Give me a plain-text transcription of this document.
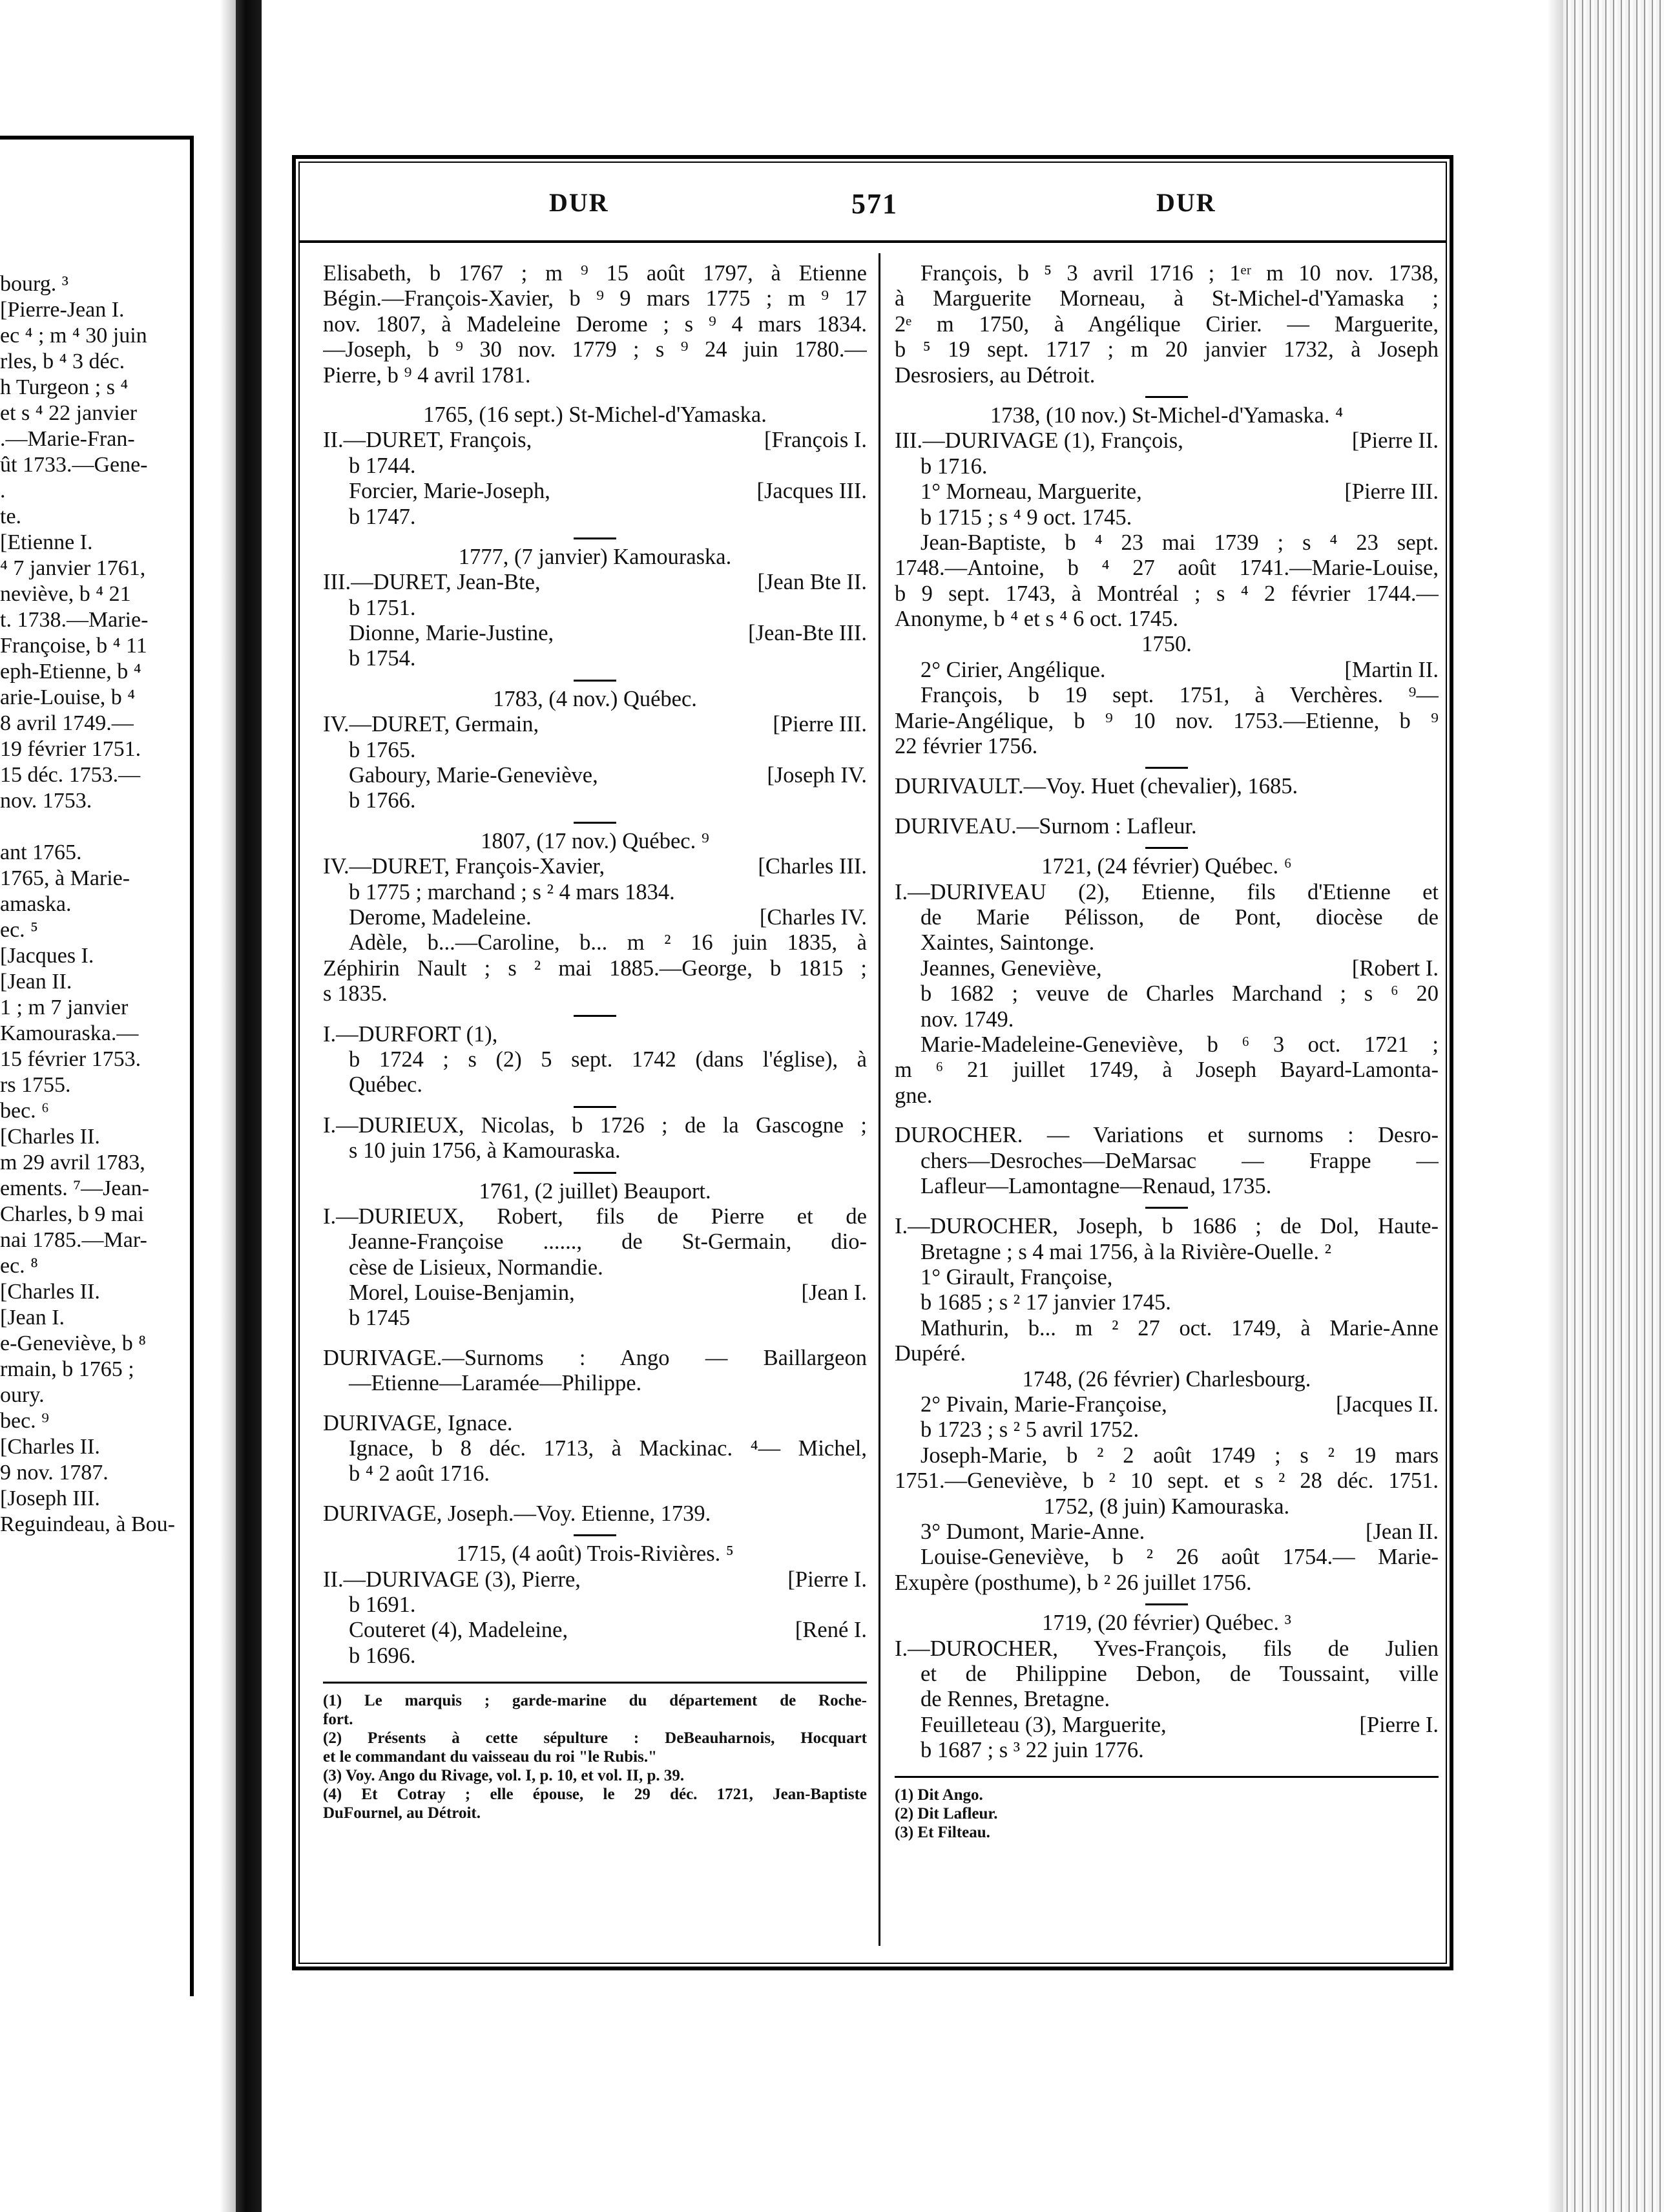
bourg. ³
[Pierre-Jean I.
ec ⁴ ; m ⁴ 30 juin
rles, b ⁴ 3 déc.
h Turgeon ; s ⁴
et s ⁴ 22 janvier
.—Marie-Fran-
ût 1733.—Gene-
.
te.
[Etienne I.
⁴ 7 janvier 1761,
neviève, b ⁴ 21
t. 1738.—Marie-
Françoise, b ⁴ 11
eph-Etienne, b ⁴
arie-Louise, b ⁴
8 avril 1749.—
19 février 1751.
15 déc. 1753.—
nov. 1753.
ant 1765.
1765, à Marie-
amaska.
ec. ⁵
[Jacques I.
[Jean II.
1 ; m 7 janvier
Kamouraska.—
15 février 1753.
rs 1755.
bec. ⁶
[Charles II.
m 29 avril 1783,
ements. ⁷—Jean-
Charles, b 9 mai
nai 1785.—Mar-
ec. ⁸
[Charles II.
[Jean I.
e-Geneviève, b ⁸
rmain, b 1765 ;
oury.
bec. ⁹
[Charles II.
9 nov. 1787.
[Joseph III.
Reguindeau, à Bou-
DUR	571	DUR
Elisabeth, b 1767 ; m ⁹ 15 août 1797, à Etienne
Bégin.—François-Xavier, b ⁹ 9 mars 1775 ; m ⁹ 17
nov. 1807, à Madeleine Derome ; s ⁹ 4 mars 1834.
—Joseph, b ⁹ 30 nov. 1779 ; s ⁹ 24 juin 1780.—
Pierre, b ⁹ 4 avril 1781.
1765, (16 sept.) St-Michel-d'Yamaska.
II.—DURET, François,	[François I.
b 1744.
Forcier, Marie-Joseph,	[Jacques III.
b 1747.
1777, (7 janvier) Kamouraska.
III.—DURET, Jean-Bte,	[Jean Bte II.
b 1751.
Dionne, Marie-Justine,	[Jean-Bte III.
b 1754.
1783, (4 nov.) Québec.
IV.—DURET, Germain,	[Pierre III.
b 1765.
Gaboury, Marie-Geneviève,	[Joseph IV.
b 1766.
1807, (17 nov.) Québec. ⁹
IV.—DURET, François-Xavier,	[Charles III.
b 1775 ; marchand ; s ² 4 mars 1834.
Derome, Madeleine.	[Charles IV.
Adèle, b...—Caroline, b... m ² 16 juin 1835, à
Zéphirin Nault ; s ² mai 1885.—George, b 1815 ;
s 1835.
I.—DURFORT (1),
b 1724 ; s (2) 5 sept. 1742 (dans l'église), à
Québec.
I.—DURIEUX, Nicolas, b 1726 ; de la Gascogne ;
s 10 juin 1756, à Kamouraska.
1761, (2 juillet) Beauport.
I.—DURIEUX, Robert, fils de Pierre et de
Jeanne-Françoise ......, de St-Germain, dio-
cèse de Lisieux, Normandie.
Morel, Louise-Benjamin,	[Jean I.
b 1745
DURIVAGE.—Surnoms : Ango — Baillargeon
—Etienne—Laramée—Philippe.
DURIVAGE, Ignace.
Ignace, b 8 déc. 1713, à Mackinac. ⁴— Michel,
b ⁴ 2 août 1716.
DURIVAGE, Joseph.—Voy. Etienne, 1739.
1715, (4 août) Trois-Rivières. ⁵
II.—DURIVAGE (3), Pierre,	[Pierre I.
b 1691.
Couteret (4), Madeleine,	[René I.
b 1696.
(1) Le marquis ; garde-marine du département de Roche-
fort.
(2) Présents à cette sépulture : DeBeauharnois, Hocquart
et le commandant du vaisseau du roi "le Rubis."
(3) Voy. Ango du Rivage, vol. I, p. 10, et vol. II, p. 39.
(4) Et Cotray ; elle épouse, le 29 déc. 1721, Jean-Baptiste
DuFournel, au Détroit.
François, b ⁵ 3 avril 1716 ; 1ᵉʳ m 10 nov. 1738,
à Marguerite Morneau, à St-Michel-d'Yamaska ;
2ᵉ m 1750, à Angélique Cirier. — Marguerite,
b ⁵ 19 sept. 1717 ; m 20 janvier 1732, à Joseph
Desrosiers, au Détroit.
1738, (10 nov.) St-Michel-d'Yamaska. ⁴
III.—DURIVAGE (1), François,	[Pierre II.
b 1716.
1° Morneau, Marguerite,	[Pierre III.
b 1715 ; s ⁴ 9 oct. 1745.
Jean-Baptiste, b ⁴ 23 mai 1739 ; s ⁴ 23 sept.
1748.—Antoine, b ⁴ 27 août 1741.—Marie-Louise,
b 9 sept. 1743, à Montréal ; s ⁴ 2 février 1744.—
Anonyme, b ⁴ et s ⁴ 6 oct. 1745.
1750.
2° Cirier, Angélique.	[Martin II.
François, b 19 sept. 1751, à Verchères. ⁹—
Marie-Angélique, b ⁹ 10 nov. 1753.—Etienne, b ⁹
22 février 1756.
DURIVAULT.—Voy. Huet (chevalier), 1685.
DURIVEAU.—Surnom : Lafleur.
1721, (24 février) Québec. ⁶
I.—DURIVEAU (2), Etienne, fils d'Etienne et
de Marie Pélisson, de Pont, diocèse de
Xaintes, Saintonge.
Jeannes, Geneviève,	[Robert I.
b 1682 ; veuve de Charles Marchand ; s ⁶ 20
nov. 1749.
Marie-Madeleine-Geneviève, b ⁶ 3 oct. 1721 ;
m ⁶ 21 juillet 1749, à Joseph Bayard-Lamonta-
gne.
DUROCHER. — Variations et surnoms : Desro-
chers—Desroches—DeMarsac — Frappe —
Lafleur—Lamontagne—Renaud, 1735.
I.—DUROCHER, Joseph, b 1686 ; de Dol, Haute-
Bretagne ; s 4 mai 1756, à la Rivière-Ouelle. ²
1° Girault, Françoise,
b 1685 ; s ² 17 janvier 1745.
Mathurin, b... m ² 27 oct. 1749, à Marie-Anne
Dupéré.
1748, (26 février) Charlesbourg.
2° Pivain, Marie-Françoise,	[Jacques II.
b 1723 ; s ² 5 avril 1752.
Joseph-Marie, b ² 2 août 1749 ; s ² 19 mars
1751.—Geneviève, b ² 10 sept. et s ² 28 déc. 1751.
1752, (8 juin) Kamouraska.
3° Dumont, Marie-Anne.	[Jean II.
Louise-Geneviève, b ² 26 août 1754.— Marie-
Exupère (posthume), b ² 26 juillet 1756.
1719, (20 février) Québec. ³
I.—DUROCHER, Yves-François, fils de Julien
et de Philippine Debon, de Toussaint, ville
de Rennes, Bretagne.
Feuilleteau (3), Marguerite,	[Pierre I.
b 1687 ; s ³ 22 juin 1776.
(1) Dit Ango.
(2) Dit Lafleur.
(3) Et Filteau.
